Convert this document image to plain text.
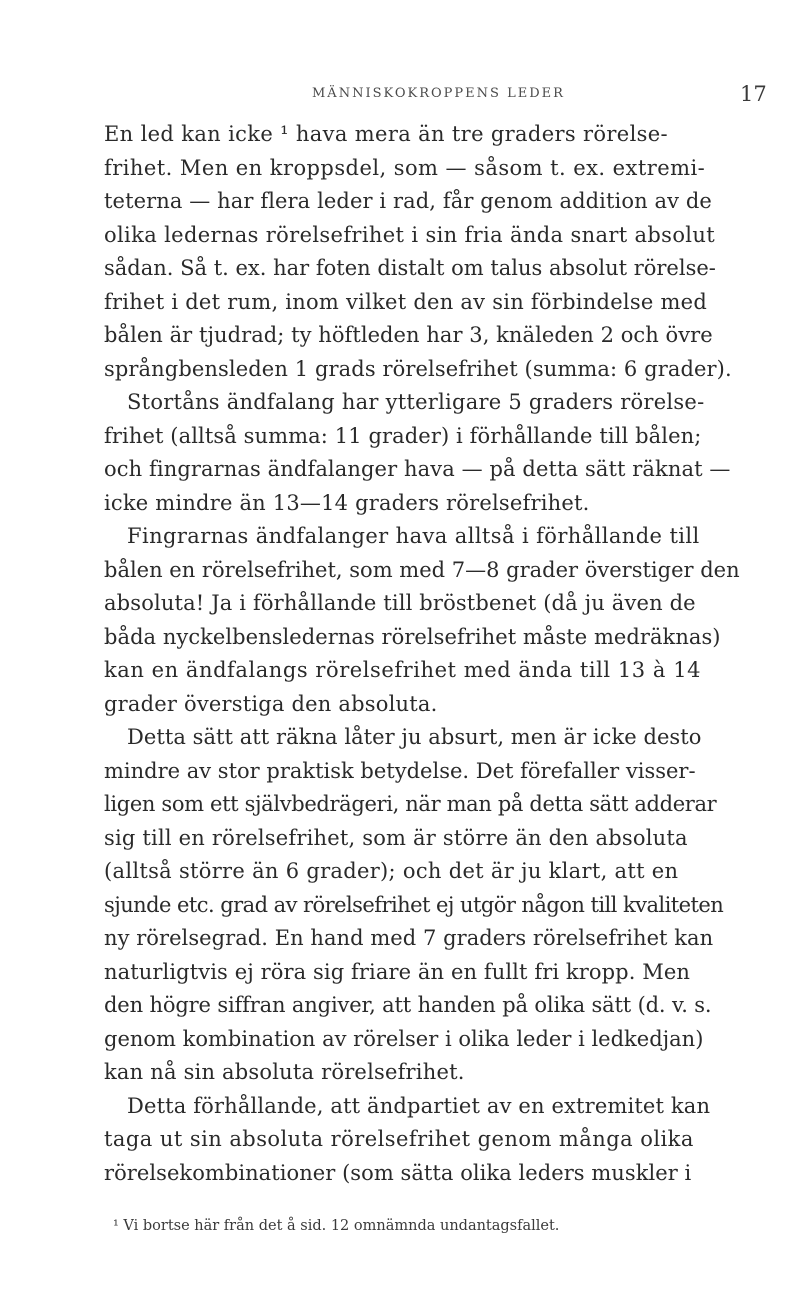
MÄNNISKOKROPPENS LEDER	17
En led kan icke ¹ hava mera än tre graders rörelse-
frihet. Men en kroppsdel, som — såsom t. ex. extremi-
teterna — har flera leder i rad, får genom addition av de
olika ledernas rörelsefrihet i sin fria ända snart absolut
sådan. Så t. ex. har foten distalt om talus absolut rörelse-
frihet i det rum, inom vilket den av sin förbindelse med
bålen är tjudrad; ty höftleden har 3, knäleden 2 och övre
språngbensleden 1 grads rörelsefrihet (summa: 6 grader).
Stortåns ändfalang har ytterligare 5 graders rörelse-
frihet (alltså summa: 11 grader) i förhållande till bålen;
och fingrarnas ändfalanger hava — på detta sätt räknat —
icke mindre än 13—14 graders rörelsefrihet.
Fingrarnas ändfalanger hava alltså i förhållande till
bålen en rörelsefrihet, som med 7—8 grader överstiger den
absoluta! Ja i förhållande till bröstbenet (då ju även de
båda nyckelbensledernas rörelsefrihet måste medräknas)
kan en ändfalangs rörelsefrihet med ända till 13 à 14
grader överstiga den absoluta.
Detta sätt att räkna låter ju absurt, men är icke desto
mindre av stor praktisk betydelse. Det förefaller visser-
ligen som ett självbedrägeri, när man på detta sätt adderar
sig till en rörelsefrihet, som är större än den absoluta
(alltså större än 6 grader); och det är ju klart, att en
sjunde etc. grad av rörelsefrihet ej utgör någon till kvaliteten
ny rörelsegrad. En hand med 7 graders rörelsefrihet kan
naturligtvis ej röra sig friare än en fullt fri kropp. Men
den högre siffran angiver, att handen på olika sätt (d. v. s.
genom kombination av rörelser i olika leder i ledkedjan)
kan nå sin absoluta rörelsefrihet.
Detta förhållande, att ändpartiet av en extremitet kan
taga ut sin absoluta rörelsefrihet genom många olika
rörelsekombinationer (som sätta olika leders muskler i
¹ Vi bortse här från det å sid. 12 omnämnda undantagsfallet.
